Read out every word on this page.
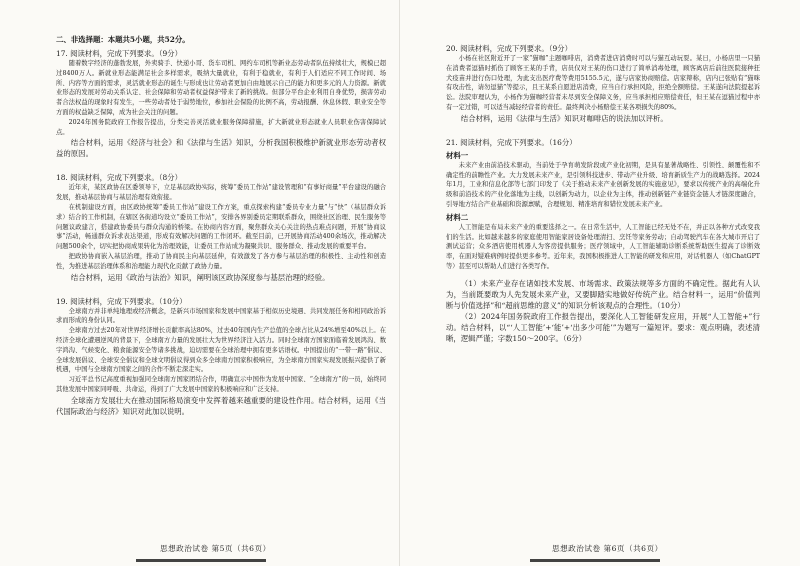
二、非选择题：本题共5小题，共52分。

17. 阅读材料，完成下列要求。（9分）

随着数字经济的蓬勃发展，外卖骑手、快递小哥、货车司机、网约车司机等新业态劳动者队伍持续壮大，规模已超过8400万人。新就业形态能满足社会多样需求，吸纳大量就业，有利于稳就业，有利于人们适应不同工作时间、场所、内容等方面的需求，灵活就业形态的诞生与形成也让劳动者更加自由地展示自己的能力和更多元的人力资源。新就业形态的发展对劳动关系认定、社会保障和劳动者权益保护带来了新的挑战。但部分平台企业利用自身优势，损害劳动者合法权益的现象时有发生，一些劳动者处于弱势地位，参加社会保险的比例不高，劳动报酬、休息休假、职业安全等方面的权益缺乏保障，成为社会关注的问题。

2024年国务院政府工作报告提出，分类完善灵活就业服务保障措施，扩大新就业形态就业人员职业伤害保障试点。

结合材料，运用《经济与社会》和《法律与生活》知识，分析我国积极维护新就业形态劳动者权益的原因。

18. 阅读材料，完成下列要求。（8分）

近年来，某区政协在区委领导下，立足基层政协实际，统筹“委员工作站”建设管理和“有事好商量”平台建设的融合发展，推动基层协商与基层治理有效衔接。

在机制建设方面，由区政协统筹“委员工作站”建设工作方案，重点探索构建“委员专业力量”与“快”（基层群众诉求）结合的工作机制，在辖区各街道均设立“委员工作站”，安排各界别委员定期联系群众，围绕社区治理、民生服务等问题议政建言，搭建政协委员与群众沟通的桥梁。在协商内容方面，聚焦群众关心关注的热点难点问题，开展“协商议事”活动，畅通群众诉求表达渠道，形成有效解决问题的工作闭环。截至目前，已开展协商活动400余场次，推动解决问题500余个，切实把协商成果转化为治理效能，让委员工作站成为凝聚共识、服务群众、推动发展的重要平台。

把政协协商嵌入基层治理，推动了协商民主向基层延伸，有效激发了各方参与基层治理的积极性、主动性和创造性，为推进基层治理体系和治理能力现代化贡献了政协力量。

结合材料，运用《政治与法治》知识，阐明该区政协深度参与基层治理的经验。

19. 阅读材料，完成下列要求。（10分）

全球南方并非单纯地理或经济概念，是新兴市场国家和发展中国家基于相似历史境遇、共同发展任务和相同政治诉求而形成的身份认同。

全球南方过去20年对世界经济增长贡献率高达80%，过去40年国内生产总值的全球占比从24%增至40%以上。在经济全球化遭遇逆风的背景下，全球南方力量的发展壮大为世界经济注入活力。同时全球南方国家面临着发展鸿沟、数字鸿沟、气候变化、粮食能源安全等诸多挑战，迫切需要在全球治理中拥有更多话语权。中国提出的“一带一路”倡议、全球发展倡议、全球安全倡议和全球文明倡议得到众多全球南方国家积极响应，为全球南方国家实现发展振兴提供了新机遇，中国与全球南方国家之间的合作不断走深走实。

习近平总书记高度重视加强同全球南方国家团结合作，明确宣示中国作为发展中国家、“全球南方”的一员，始终同其他发展中国家同呼吸、共命运，得到了广大发展中国家的积极响应和广泛支持。

全球南方发展壮大在推动国际格局演变中发挥着越来越重要的建设性作用。结合材料，运用《当代国际政治与经济》知识对此加以说明。

思想政治试卷 第5页（共6页）

20. 阅读材料，完成下列要求。（9分）

小杨在社区附近开了一家“猫咖”主题咖啡店，消费者进店消费时可以与猫互动玩耍。某日，小杨店里一只猫在消费者逗猫时抓伤了顾客王某的手背，店员仅对王某的伤口进行了简单消毒处理，顾客离店后前往医院接种狂犬疫苗并进行伤口处理，为此支出医疗费等费用5155.5元，遂与店家协商赔偿。店家辩称，店内已张贴有“猫咪有攻击性，请勿逗猫”等提示，且王某系自愿进店消费，应当自行承担风险，拒绝全额赔偿。王某遂向法院提起诉讼。法院审理认为，小杨作为猫咖经营者未尽到安全保障义务，应当承担相应赔偿责任，但王某在逗猫过程中亦有一定过错，可以适当减轻经营者的责任。最终判决小杨赔偿王某各项损失的80%。

结合材料，运用《法律与生活》知识对咖啡店的说法加以评析。

21. 阅读材料，完成下列要求。（16分）

材料一

未来产业由前沿技术驱动，当前处于孕育萌发阶段或产业化初期，是具有显著战略性、引领性、颠覆性和不确定性的前瞻性产业。大力发展未来产业，是引领科技进步、带动产业升级、培育新质生产力的战略选择。2024年1月，工业和信息化部等七部门印发了《关于推动未来产业创新发展的实施意见》，要求以传统产业的高端化升级和前沿技术的产业化落地为主线，以创新为动力，以企业为主体，推动创新链产业链资金链人才链深度融合，引导地方结合产业基础和资源禀赋，合理规划、精准培育和错位发展未来产业。

材料二

人工智能是布局未来产业的重要选择之一。在日常生活中，人工智能已经无处不在，并正以各种方式改变我们的生活。比如越来越多的家庭使用智能家居设备处理清扫、烹饪等家务劳动；自动驾驶汽车在各大城市开启了测试运营；众多酒店使用机器人为客房提供服务；医疗领域中，人工智能辅助诊断系统帮助医生提高了诊断效率，在面对疑难病例时提供更多参考。近年来，我国积极推进人工智能的研发和应用，对话机器人（如ChatGPT等）甚至可以帮助人们进行各类写作。

（1）未来产业存在诸如技术发展、市场需求、政策法规等多方面的不确定性。据此有人认为，当前既要敢为人先发展未来产业，又要脚踏实地做好传统产业。结合材料一，运用“价值判断与价值选择”和“超前思维的意义”的知识分析该观点的合理性。（10分）

（2）2024年国务院政府工作报告提出，要深化人工智能研发应用，开展“人工智能+”行动。结合材料，以“‘人工智能’+‘能’+‘出多少可能’”为题写一篇短评。要求：观点明确，表述清晰，逻辑严谨；字数150～200字。（6分）

思想政治试卷 第6页（共6页）
